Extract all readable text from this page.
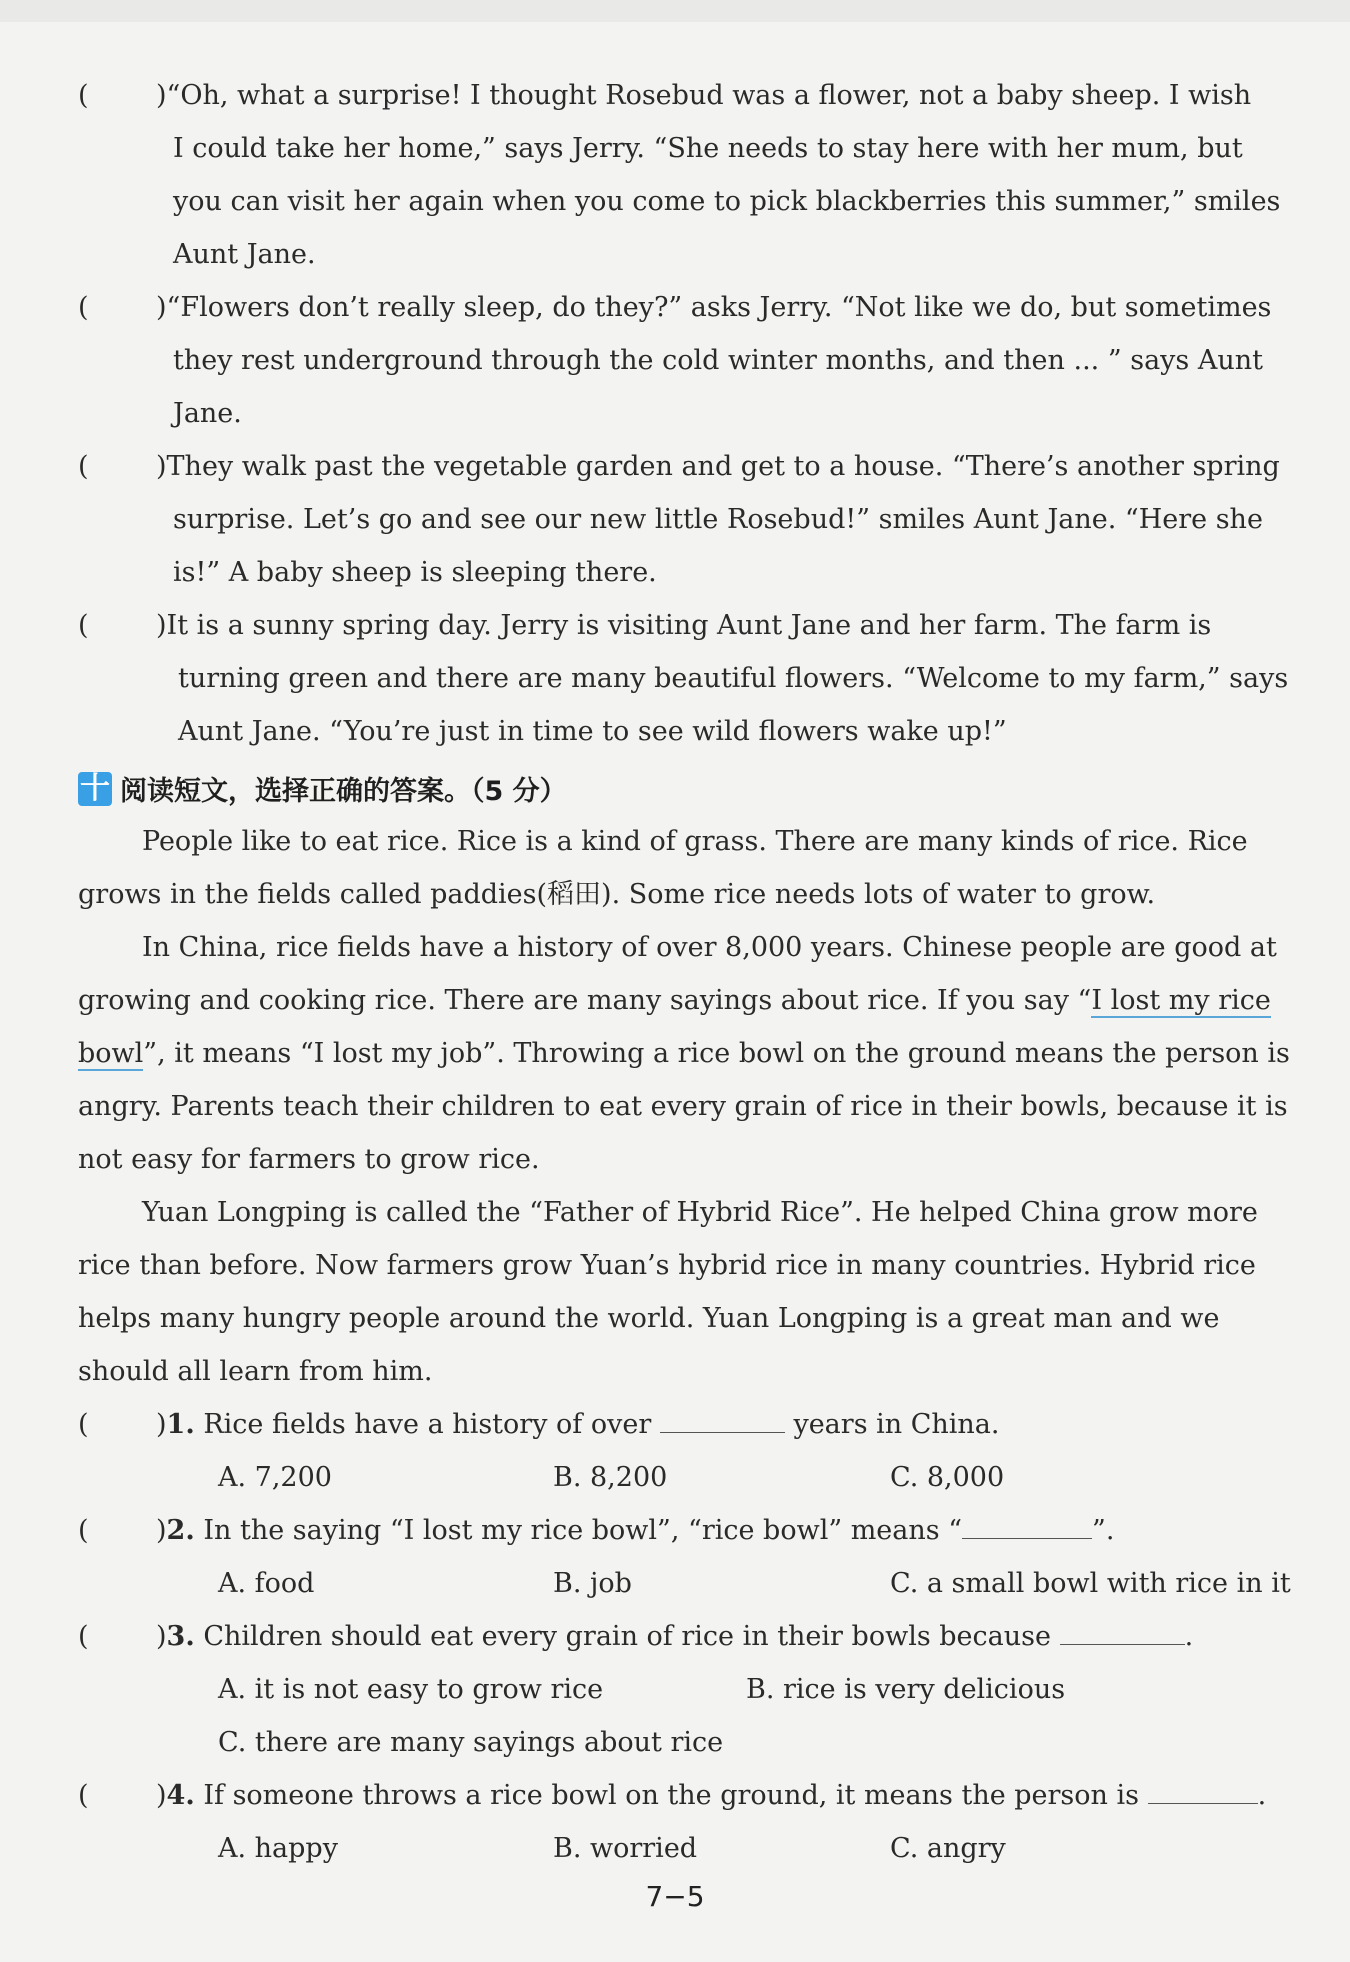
( )“Oh, what a surprise! I thought Rosebud was a flower, not a baby sheep. I wish
I could take her home,” says Jerry. “She needs to stay here with her mum, but
you can visit her again when you come to pick blackberries this summer,” smiles
Aunt Jane.
( )“Flowers don’t really sleep, do they?” asks Jerry. “Not like we do, but sometimes
they rest underground through the cold winter months, and then ... ” says Aunt
Jane.
( )They walk past the vegetable garden and get to a house. “There’s another spring
surprise. Let’s go and see our new little Rosebud!” smiles Aunt Jane. “Here she
is!” A baby sheep is sleeping there.
( )It is a sunny spring day. Jerry is visiting Aunt Jane and her farm. The farm is
turning green and there are many beautiful flowers. “Welcome to my farm,” says
Aunt Jane. “You’re just in time to see wild flowers wake up!”
十 阅读短文，选择正确的答案。（5 分）
People like to eat rice. Rice is a kind of grass. There are many kinds of rice. Rice
grows in the fields called paddies(稻田). Some rice needs lots of water to grow.
In China, rice fields have a history of over 8,000 years. Chinese people are good at
growing and cooking rice. There are many sayings about rice. If you say “I lost my rice
bowl”, it means “I lost my job”. Throwing a rice bowl on the ground means the person is
angry. Parents teach their children to eat every grain of rice in their bowls, because it is
not easy for farmers to grow rice.
Yuan Longping is called the “Father of Hybrid Rice”. He helped China grow more
rice than before. Now farmers grow Yuan’s hybrid rice in many countries. Hybrid rice
helps many hungry people around the world. Yuan Longping is a great man and we
should all learn from him.
( )1. Rice fields have a history of over	years in China.
A. 7,200	B. 8,200	C. 8,000
( )2. In the saying “I lost my rice bowl”, “rice bowl” means “	”.
A. food	B. job	C. a small bowl with rice in it
( )3. Children should eat every grain of rice in their bowls because	.
A. it is not easy to grow rice	B. rice is very delicious
C. there are many sayings about rice
( )4. If someone throws a rice bowl on the ground, it means the person is	.
A. happy	B. worried	C. angry
7−5
